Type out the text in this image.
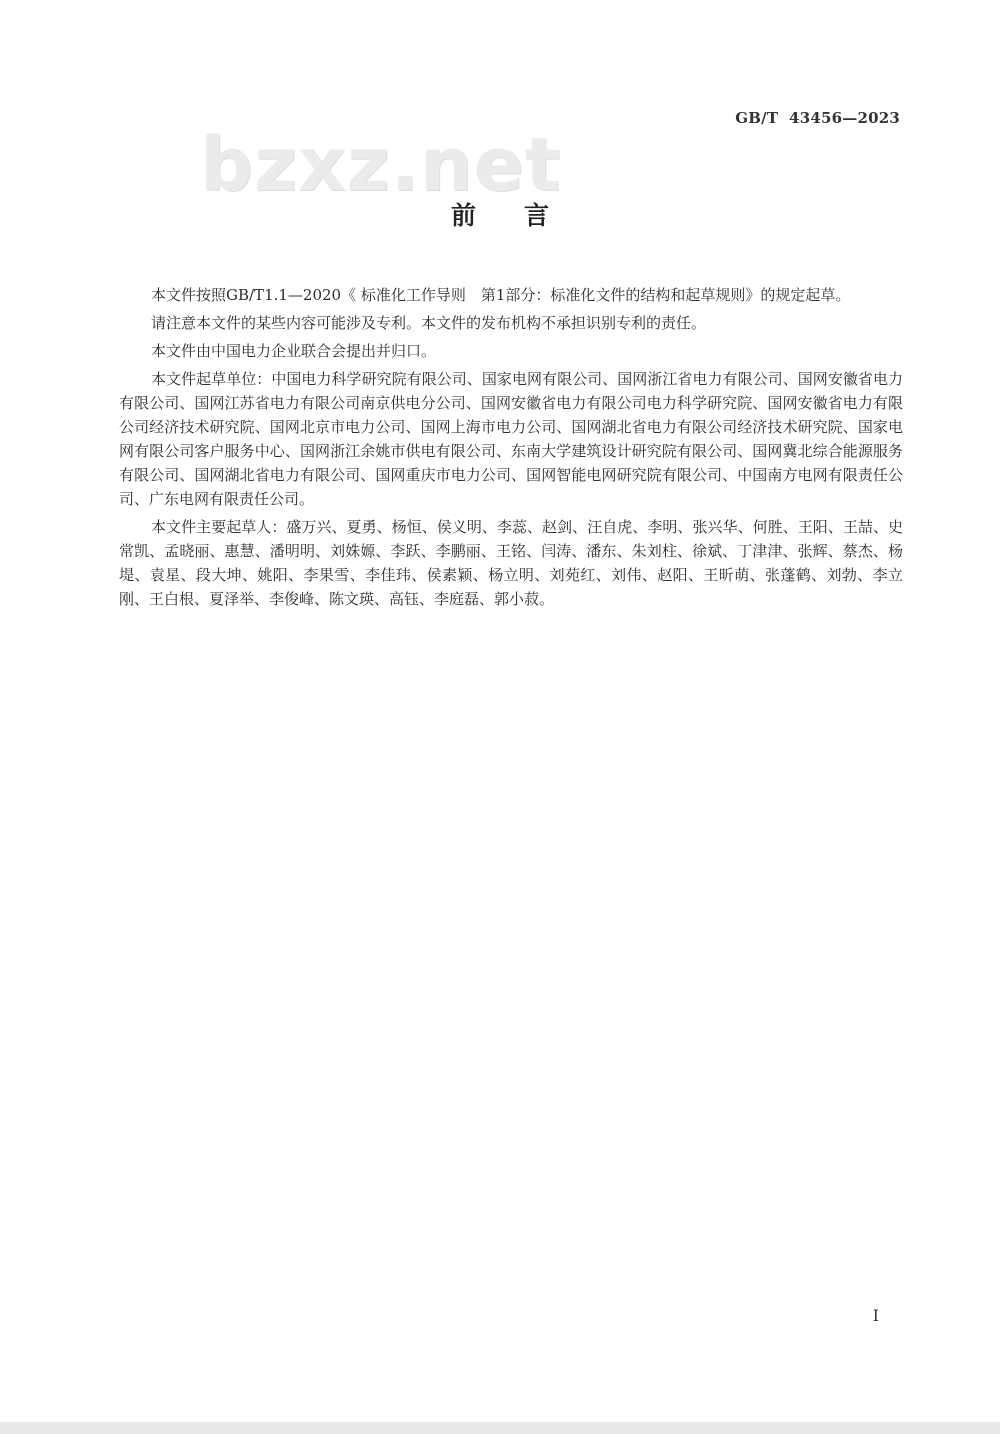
GB/T  43456—2023
bzxz.net
前 言

本文件按照GB/T1.1—2020《 标准化工作导则　第1部分：标准化文件的结构和起草规则》的规定起草。

请注意本文件的某些内容可能涉及专利。本文件的发布机构不承担识别专利的责任。

本文件由中国电力企业联合会提出并归口。

本文件起草单位：中国电力科学研究院有限公司、国家电网有限公司、国网浙江省电力有限公司、国网安徽省电力有限公司、国网江苏省电力有限公司南京供电分公司、国网安徽省电力有限公司电力科学研究院、国网安徽省电力有限公司经济技术研究院、国网北京市电力公司、国网上海市电力公司、国网湖北省电力有限公司经济技术研究院、国家电网有限公司客户服务中心、国网浙江余姚市供电有限公司、东南大学建筑设计研究院有限公司、国网冀北综合能源服务有限公司、国网湖北省电力有限公司、国网重庆市电力公司、国网智能电网研究院有限公司、中国南方电网有限责任公司、广东电网有限责任公司。

本文件主要起草人：盛万兴、夏勇、杨恒、侯义明、李蕊、赵剑、汪自虎、李明、张兴华、何胜、王阳、王喆、史常凯、孟晓丽、惠慧、潘明明、刘姝嫄、李跃、李鹏丽、王铭、闫涛、潘东、朱刘柱、徐斌、丁津津、张辉、蔡杰、杨堤、袁星、段大坤、姚阳、李果雪、李佳玮、侯素颖、杨立明、刘苑红、刘伟、赵阳、王昕萌、张蓬鹤、刘勃、李立刚、王白根、夏泽举、李俊峰、陈文瑛、高钰、李庭磊、郭小菽。

I
